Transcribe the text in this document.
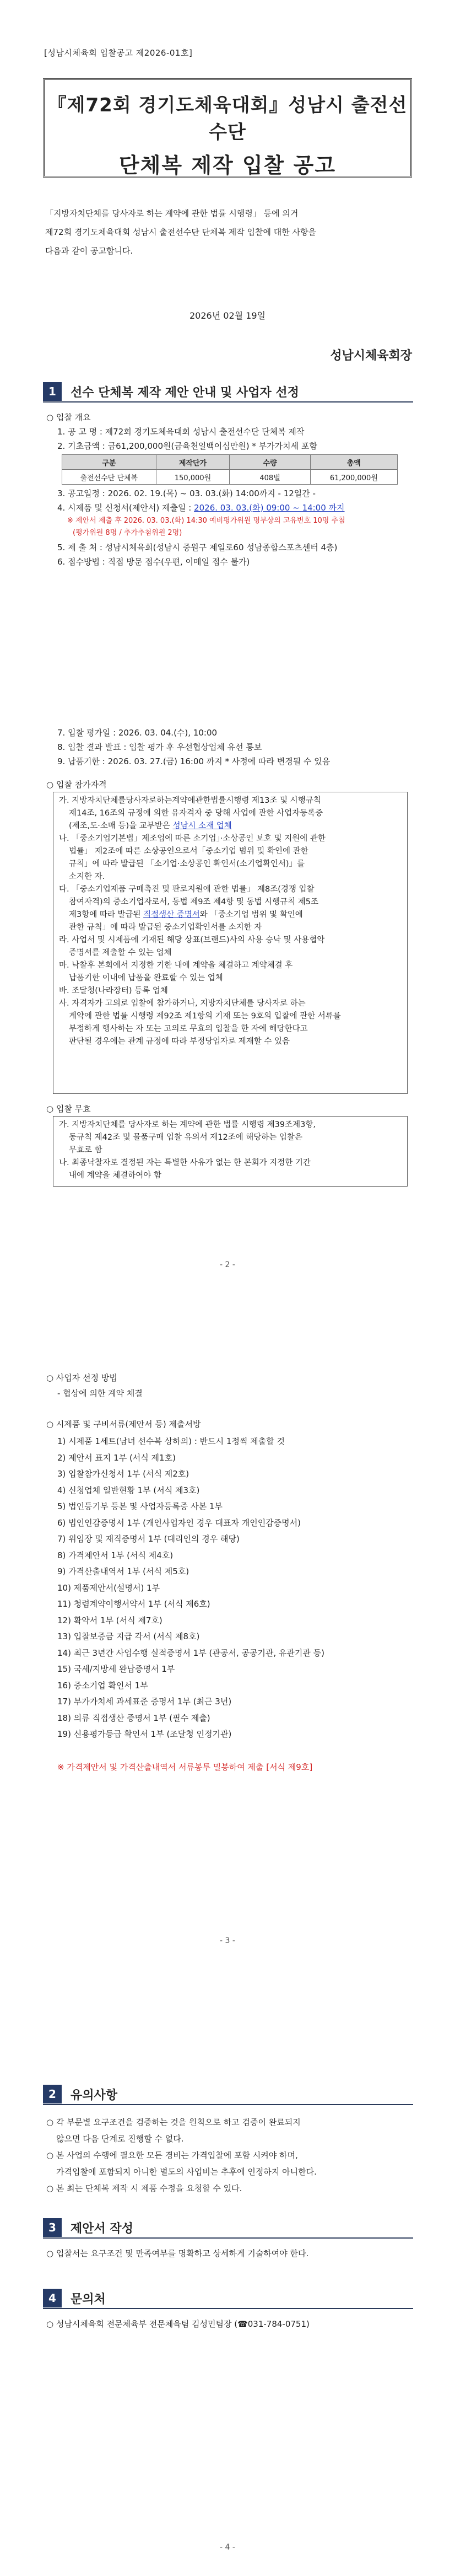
[성남시체육회 입찰공고 제2026-01호]
『제72회 경기도체육대회』성남시 출전선수단
단체복 제작 입찰 공고
「지방자치단체를 당사자로 하는 계약에 관한 법률 시행령」 등에 의거
제72회 경기도체육대회 성남시 출전선수단 단체복 제작 입찰에 대한 사항을
다음과 같이 공고합니다.
2026년 02월 19일
성남시체육회장
1	선수 단체복 제작 제안 안내 및 사업자 선정
○ 입찰 개요
1. 공 고 명 : 제72회 경기도체육대회 성남시 출전선수단 단체복 제작
2. 기초금액 : 금61,200,000원(금육천일백이십만원) * 부가가치세 포함
구분	제작단가	수량	총액
출전선수단 단체복	150,000원	408벌	61,200,000원
3. 공고일정 : 2026. 02. 19.(목) ~ 03. 03.(화) 14:00까지 - 12일간 -
4. 시제품 및 신청서(제안서) 제출일 : 2026. 03. 03.(화) 09:00 ~ 14:00 까지
※ 제안서 제출 후 2026. 03. 03.(화) 14:30 예비평가위원 명부상의 고유번호 10명 추첨
(평가위원 8명 / 추가추첨위원 2명)
5. 제 출 처 : 성남시체육회(성남시 중원구 제일로60 성남종합스포츠센터 4층)
6. 접수방법 : 직접 방문 접수(우편, 이메일 접수 불가)
7. 입찰 평가일 : 2026. 03. 04.(수), 10:00
8. 입찰 결과 발표 : 입찰 평가 후 우선협상업체 유선 통보
9. 납품기한 : 2026. 03. 27.(금) 16:00 까지 * 사정에 따라 변경될 수 있음
○ 입찰 참가자격
가. 지방자치단체를당사자로하는계약에관한법률시행령 제13조 및 시행규칙
제14조, 16조의 규정에 의한 유자격자 중 당해 사업에 관한 사업자등록증
(제조,도·소매 등)을 교부받은 성남시 소재 업체
나. 「중소기업기본법」제조업에 따른 소기업」·소상공인 보호 및 지원에 관한
법률」 제2조에 따른 소상공인으로서「중소기업 범위 및 확인에 관한
규칙」에 따라 발급된 「소기업·소상공인 확인서(소기업확인서)」를
소지한 자.
다. 「중소기업제품 구매촉진 및 판로지원에 관한 법률」 제8조(경쟁 입찰
참여자격)의 중소기업자로서, 동법 제9조 제4항 및 동법 시행규칙 제5조
제3항에 따라 발급된 직접생산 증명서와 「중소기업 범위 및 확인에
관한 규칙」에 따라 발급된 중소기업확인서를 소지한 자
라. 사업서 및 시제품에 기재된 해당 상표(브랜드)사의 사용 승낙 및 사용협약
증명서를 제출할 수 있는 업체
마. 낙찰후 본회에서 지정한 기한 내에 계약을 체결하고 계약체결 후
납품기한 이내에 납품을 완료할 수 있는 업체
바. 조달청(나라장터) 등록 업체
사. 자격자가 고의로 입찰에 참가하거나, 지방자치단체를 당사자로 하는
계약에 관한 법률 시행령 제92조 제1항의 기재 또는 9호의 입찰에 관한 서류를
부정하게 행사하는 자 또는 고의로 무효의 입찰을 한 자에 해당한다고
판단될 경우에는 관계 규정에 따라 부정당업자로 제재할 수 있음
○ 입찰 무효
가. 지방자치단체를 당사자로 하는 계약에 관한 법률 시행령 제39조제3항,
동규칙 제42조 및 물품구매 입찰 유의서 제12조에 해당하는 입찰은
무효로 함
나. 최종낙찰자로 결정된 자는 특별한 사유가 없는 한 본회가 지정한 기간
내에 계약을 체결하여야 함
- 2 -
○ 사업자 선정 방법
- 협상에 의한 계약 체결
○ 시제품 및 구비서류(제안서 등) 제출서방
1) 시제품 1세트(남녀 선수복 상하의) : 반드시 1정씩 제출할 것
2) 제안서 표지 1부 (서식 제1호)
3) 입찰참가신청서 1부 (서식 제2호)
4) 신청업체 일반현황 1부 (서식 제3호)
5) 법인등기부 등본 및 사업자등록증 사본 1부
6) 법인인감증명서 1부 (개인사업자인 경우 대표자 개인인감증명서)
7) 위임장 및 재직증명서 1부 (대리인의 경우 해당)
8) 가격제안서 1부 (서식 제4호)
9) 가격산출내역서 1부 (서식 제5호)
10) 제품제안서(설명서) 1부
11) 청렴계약이행서약서 1부 (서식 제6호)
12) 확약서 1부 (서식 제7호)
13) 입찰보증금 지급 각서 (서식 제8호)
14) 최근 3년간 사업수행 실적증명서 1부 (관공서, 공공기관, 유관기관 등)
15) 국세/지방세 완납증명서 1부
16) 중소기업 확인서 1부
17) 부가가치세 과세표준 증명서 1부 (최근 3년)
18) 의류 직접생산 증명서 1부 (필수 제출)
19) 신용평가등급 확인서 1부 (조달청 인정기관)
※ 가격제안서 및 가격산출내역서 서류봉투 밀봉하여 제출 [서식 제9호]
- 3 -
2	유의사항
○ 각 부문별 요구조건을 검증하는 것을 원칙으로 하고 검증이 완료되지
않으면 다음 단계로 진행할 수 없다.
○ 본 사업의 수행에 필요한 모든 경비는 가격입찰에 포함 시켜야 하며,
가격입찰에 포함되지 아니한 별도의 사업비는 추후에 인정하지 아니한다.
○ 본 최는 단체복 제작 시 제품 수정을 요청할 수 있다.
3	제안서 작성
○ 입찰서는 요구조건 및 만족여부를 명확하고 상세하게 기술하여야 한다.
4	문의처
○ 성남시체육회 전문체육부 전문체육팀 김성민팀장 (☎031-784-0751)
- 4 -
